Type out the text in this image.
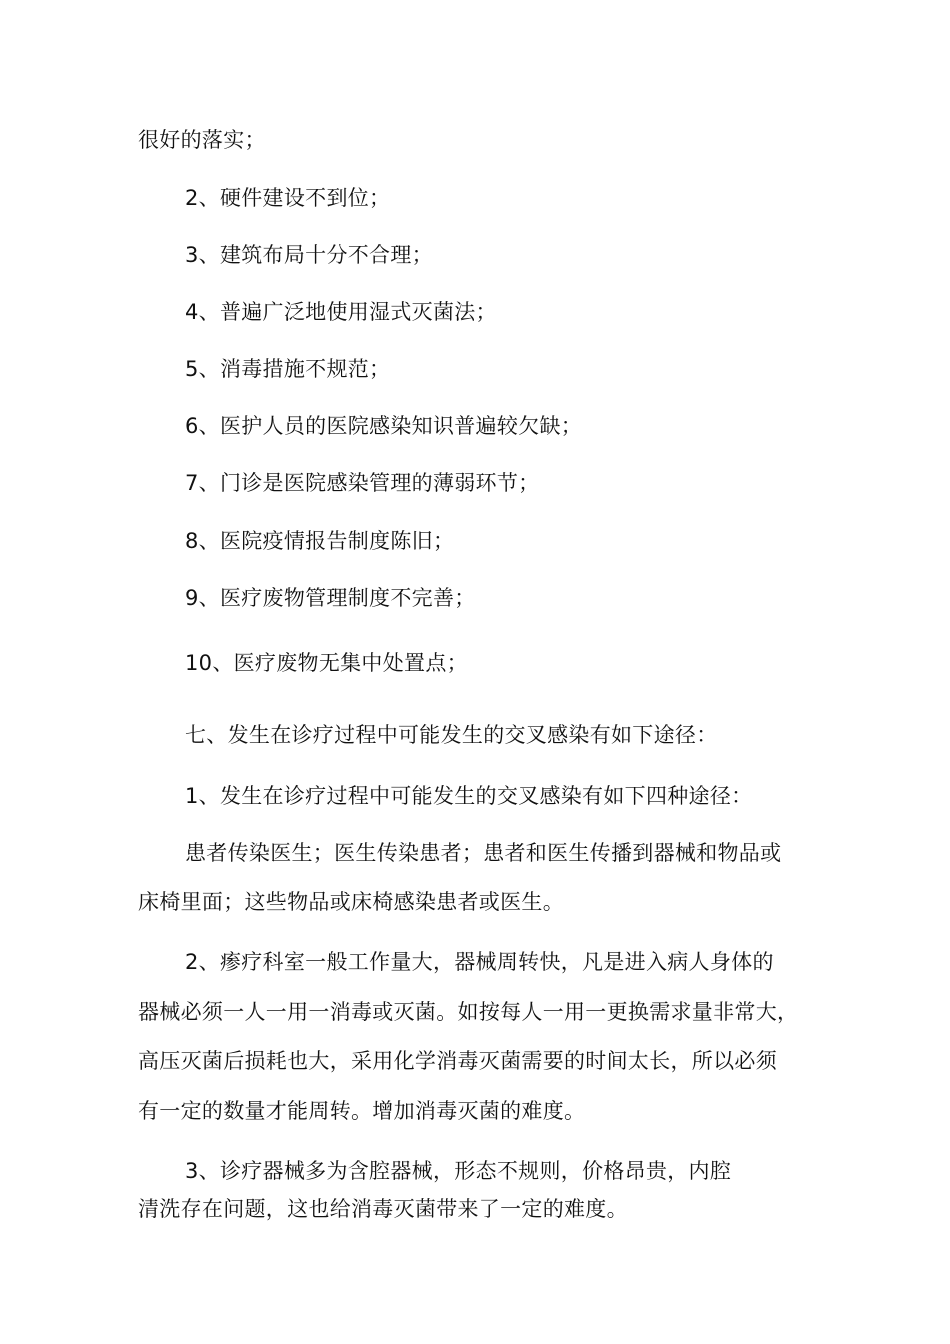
很好的落实；
2、硬件建设不到位；
3、建筑布局十分不合理；
4、普遍广泛地使用湿式灭菌法；
5、消毒措施不规范；
6、医护人员的医院感染知识普遍较欠缺；
7、门诊是医院感染管理的薄弱环节；
8、医院疫情报告制度陈旧；
9、医疗废物管理制度不完善；
10、医疗废物无集中处置点；
七、发生在诊疗过程中可能发生的交叉感染有如下途径：
1、发生在诊疗过程中可能发生的交叉感染有如下四种途径：
患者传染医生；医生传染患者；患者和医生传播到器械和物品或
床椅里面；这些物品或床椅感染患者或医生。
2、瘆疗科室一般工作量大，器械周转快，凡是进入病人身体的
器械必须一人一用一消毒或灭菌。如按每人一用一更换需求量非常大，
高压灭菌后损耗也大，采用化学消毒灭菌需要的时间太长，所以必须
有一定的数量才能周转。增加消毒灭菌的难度。
3、诊疗器械多为含腔器械，形态不规则，价格昂贵，内腔
清洗存在问题，这也给消毒灭菌带来了一定的难度。
